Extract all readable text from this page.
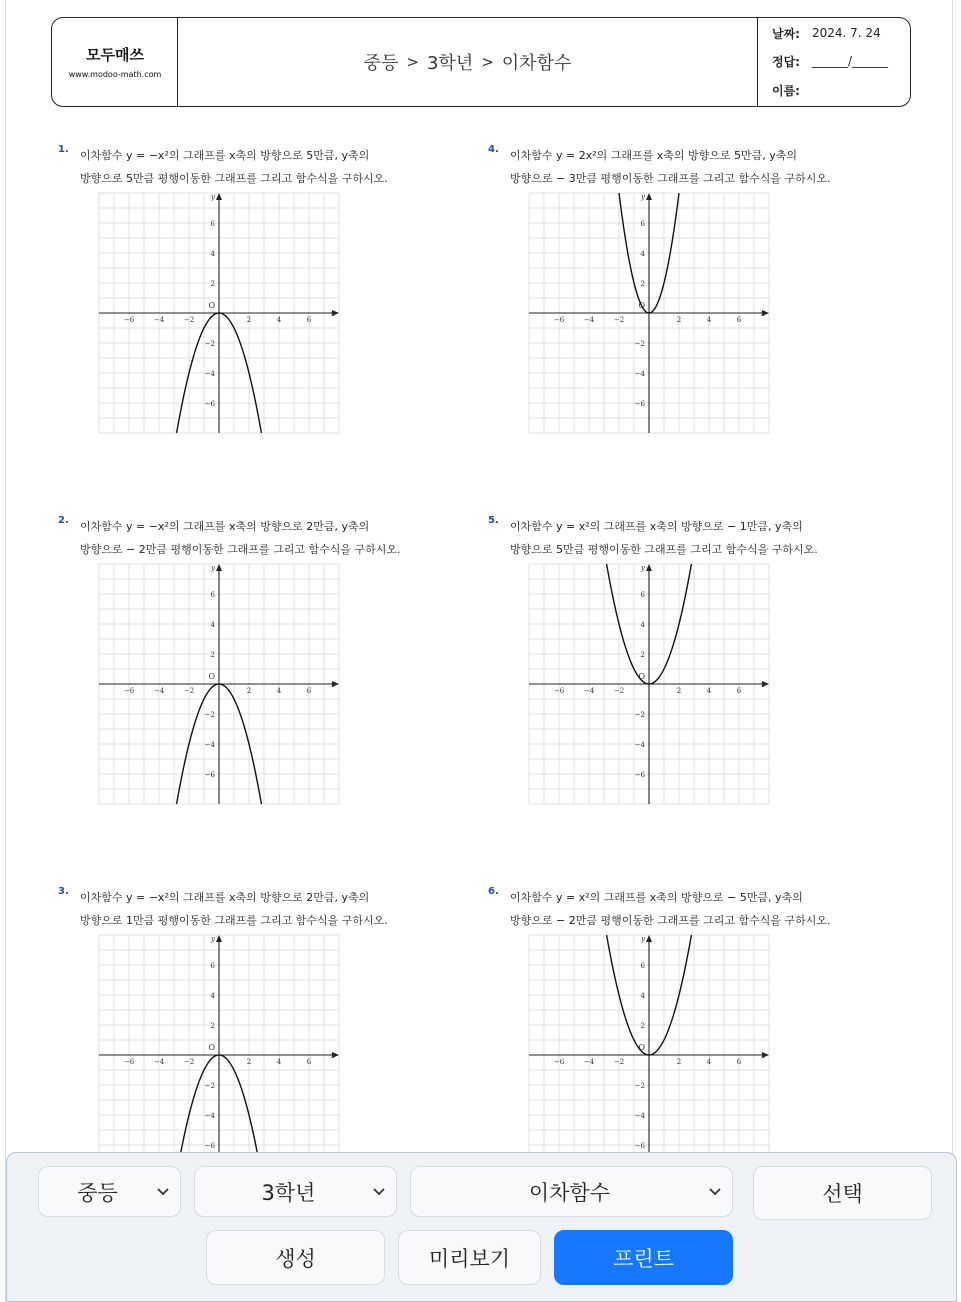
모두매쓰
www.modoo-math.com
중등 > 3학년 > 이차함수
날짜:	2024. 7. 24
정답:	______/______
이름:
1. 이차함수 y = −x²의 그래프를 x축의 방향으로 5만큼, y축의
방향으로 5만큼 평행이동한 그래프를 그리고 함수식을 구하시오.
−6
−6
−4
−4
−2
−2
2
2
4
4
6
6
O
x
y
2. 이차함수 y = −x²의 그래프를 x축의 방향으로 2만큼, y축의
방향으로 − 2만큼 평행이동한 그래프를 그리고 함수식을 구하시오.
−6
−6
−4
−4
−2
−2
2
2
4
4
6
6
O
x
y
3. 이차함수 y = −x²의 그래프를 x축의 방향으로 2만큼, y축의
방향으로 1만큼 평행이동한 그래프를 그리고 함수식을 구하시오.
−6
−6
−4
−4
−2
−2
2
2
4
4
6
6
O
x
y
4. 이차함수 y = 2x²의 그래프를 x축의 방향으로 5만큼, y축의
방향으로 − 3만큼 평행이동한 그래프를 그리고 함수식을 구하시오.
−6
−6
−4
−4
−2
−2
2
2
4
4
6
6
O
x
y
5. 이차함수 y = x²의 그래프를 x축의 방향으로 − 1만큼, y축의
방향으로 5만큼 평행이동한 그래프를 그리고 함수식을 구하시오.
−6
−6
−4
−4
−2
−2
2
2
4
4
6
6
O
x
y
6. 이차함수 y = x²의 그래프를 x축의 방향으로 − 5만큼, y축의
방향으로 − 2만큼 평행이동한 그래프를 그리고 함수식을 구하시오.
−6
−6
−4
−4
−2
−2
2
2
4
4
6
6
O
x
y
중등	3학년	이차함수	선택
생성	미리보기	프린트
